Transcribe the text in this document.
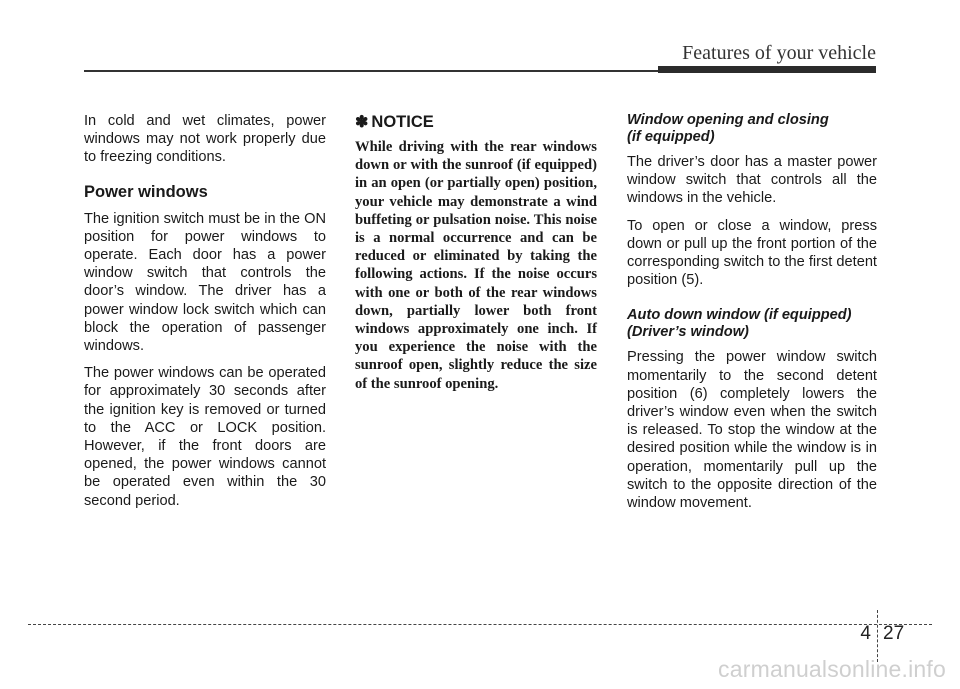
Features of your vehicle

In cold and wet climates, power windows may not work properly due to freezing conditions.

Power windows

The ignition switch must be in the ON position for power windows to operate. Each door has a power window switch that controls the door’s window. The driver has a power window lock switch which can block the operation of passenger windows.

The power windows can be operated for approximately 30 seconds after the ignition key is removed or turned to the ACC or LOCK position. However, if the front doors are opened, the power windows cannot be operated even within the 30 second period.

✽ NOTICE

While driving with the rear windows down or with the sunroof (if equipped) in an open (or partially open) position, your vehicle may demonstrate a wind buffeting or pulsation noise. This noise is a normal occurrence and can be reduced or eliminated by taking the following actions. If the noise occurs with one or both of the rear windows down, partially lower both front windows approximately one inch. If you experience the noise with the sunroof open, slightly reduce the size of the sunroof opening.

Window opening and closing
(if equipped)

The driver’s door has a master power window switch that controls all the windows in the vehicle.

To open or close a window, press down or pull up the front portion of the corresponding switch to the first detent position (5).

Auto down window (if equipped)
(Driver’s window)

Pressing the power window switch momentarily to the second detent position (6) completely lowers the driver’s window even when the switch is released. To stop the window at the desired position while the window is in operation, momentarily pull up the switch to the opposite direction of the window movement.

4 27
carmanualsonline.info
